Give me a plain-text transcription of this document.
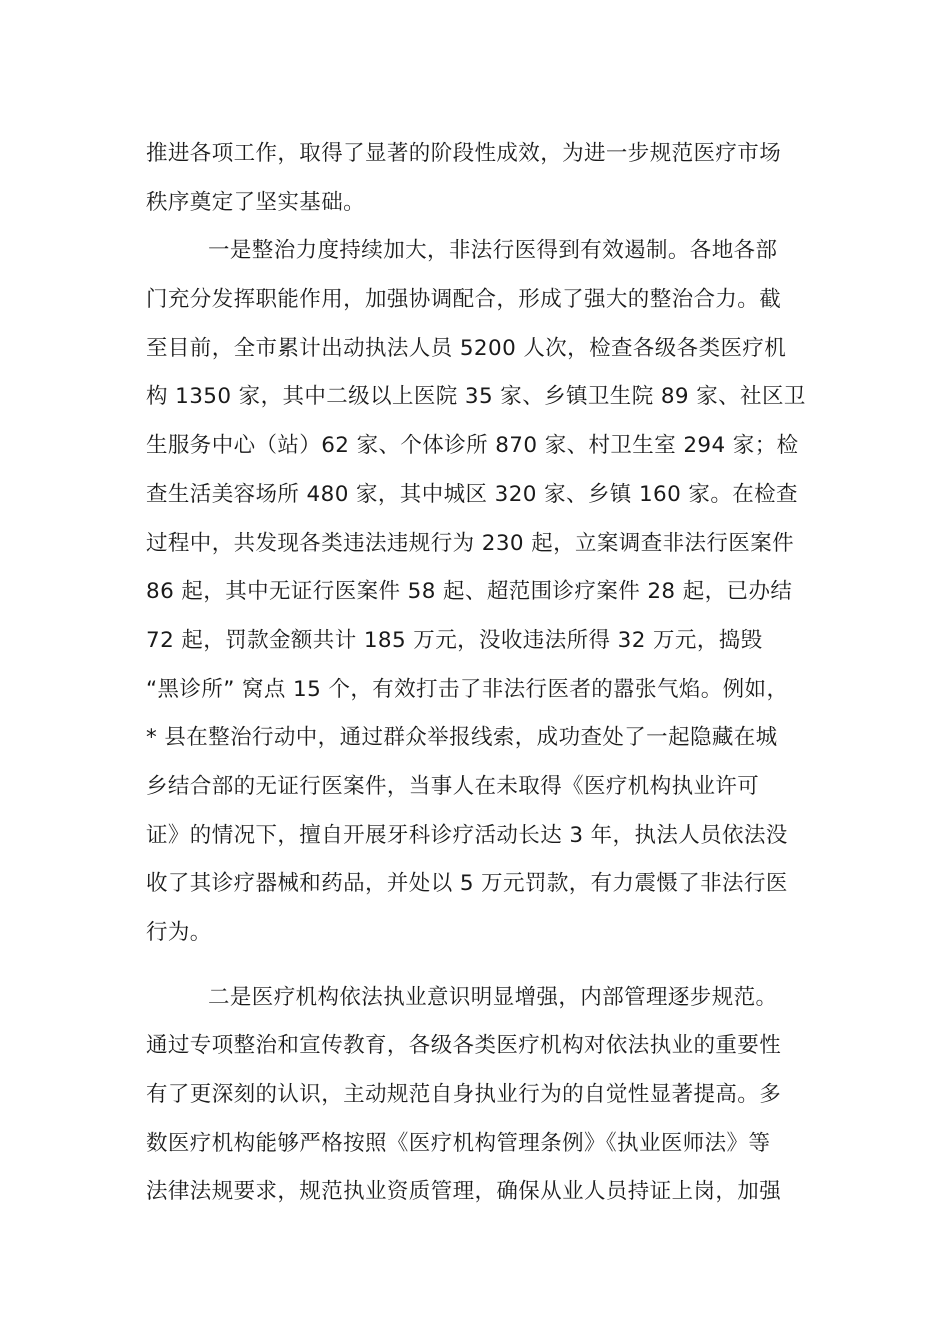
推进各项工作，取得了显著的阶段性成效，为进一步规范医疗市场
秩序奠定了坚实基础。
一是整治力度持续加大，非法行医得到有效遏制。各地各部
门充分发挥职能作用，加强协调配合，形成了强大的整治合力。截
至目前，全市累计出动执法人员 5200 人次，检查各级各类医疗机
构 1350 家，其中二级以上医院 35 家、乡镇卫生院 89 家、社区卫
生服务中心（站）62 家、个体诊所 870 家、村卫生室 294 家；检
查生活美容场所 480 家，其中城区 320 家、乡镇 160 家。在检查
过程中，共发现各类违法违规行为 230 起，立案调查非法行医案件
86 起，其中无证行医案件 58 起、超范围诊疗案件 28 起，已办结
72 起，罚款金额共计 185 万元，没收违法所得 32 万元，捣毁
“黑诊所” 窝点 15 个，有效打击了非法行医者的嚣张气焰。例如，
* 县在整治行动中，通过群众举报线索，成功查处了一起隐藏在城
乡结合部的无证行医案件，当事人在未取得《医疗机构执业许可
证》的情况下，擅自开展牙科诊疗活动长达 3 年，执法人员依法没
收了其诊疗器械和药品，并处以 5 万元罚款，有力震慑了非法行医
行为。
二是医疗机构依法执业意识明显增强，内部管理逐步规范。
通过专项整治和宣传教育，各级各类医疗机构对依法执业的重要性
有了更深刻的认识，主动规范自身执业行为的自觉性显著提高。多
数医疗机构能够严格按照《医疗机构管理条例》《执业医师法》等
法律法规要求，规范执业资质管理，确保从业人员持证上岗，加强
